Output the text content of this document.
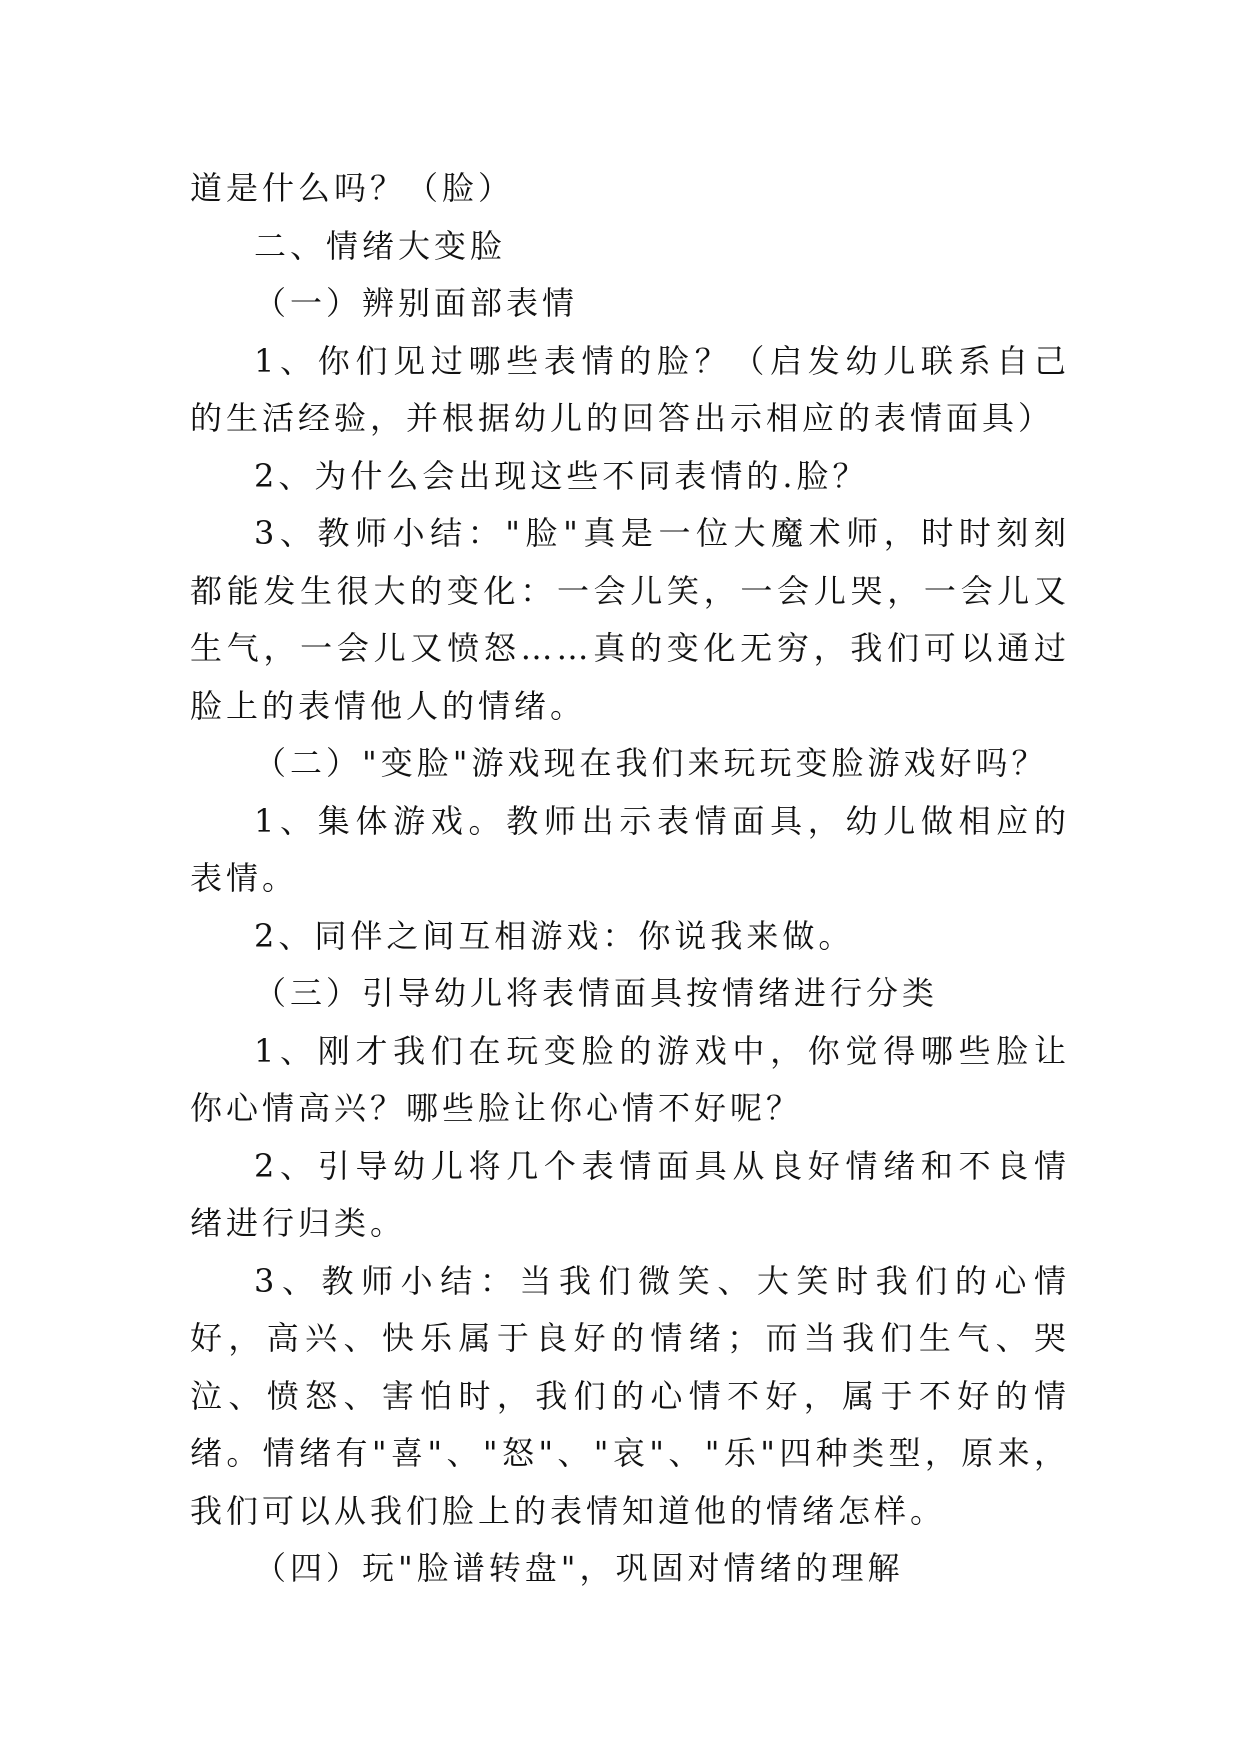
道是什么吗？（脸）

二、情绪大变脸

（一）辨别面部表情

1、你们见过哪些表情的脸？（启发幼儿联系自己的生活经验，并根据幼儿的回答出示相应的表情面具）

2、为什么会出现这些不同表情的.脸？

3、教师小结："脸"真是一位大魔术师，时时刻刻都能发生很大的变化：一会儿笑，一会儿哭，一会儿又生气，一会儿又愤怒……真的变化无穷，我们可以通过脸上的表情他人的情绪。

（二）"变脸"游戏现在我们来玩玩变脸游戏好吗？

1、集体游戏。教师出示表情面具，幼儿做相应的表情。

2、同伴之间互相游戏：你说我来做。

（三）引导幼儿将表情面具按情绪进行分类

1、刚才我们在玩变脸的游戏中，你觉得哪些脸让你心情高兴？哪些脸让你心情不好呢？

2、引导幼儿将几个表情面具从良好情绪和不良情绪进行归类。

3、教师小结：当我们微笑、大笑时我们的心情好，高兴、快乐属于良好的情绪；而当我们生气、哭泣、愤怒、害怕时，我们的心情不好，属于不好的情绪。情绪有"喜"、"怒"、"哀"、"乐"四种类型，原来，我们可以从我们脸上的表情知道他的情绪怎样。

（四）玩"脸谱转盘"，巩固对情绪的理解
